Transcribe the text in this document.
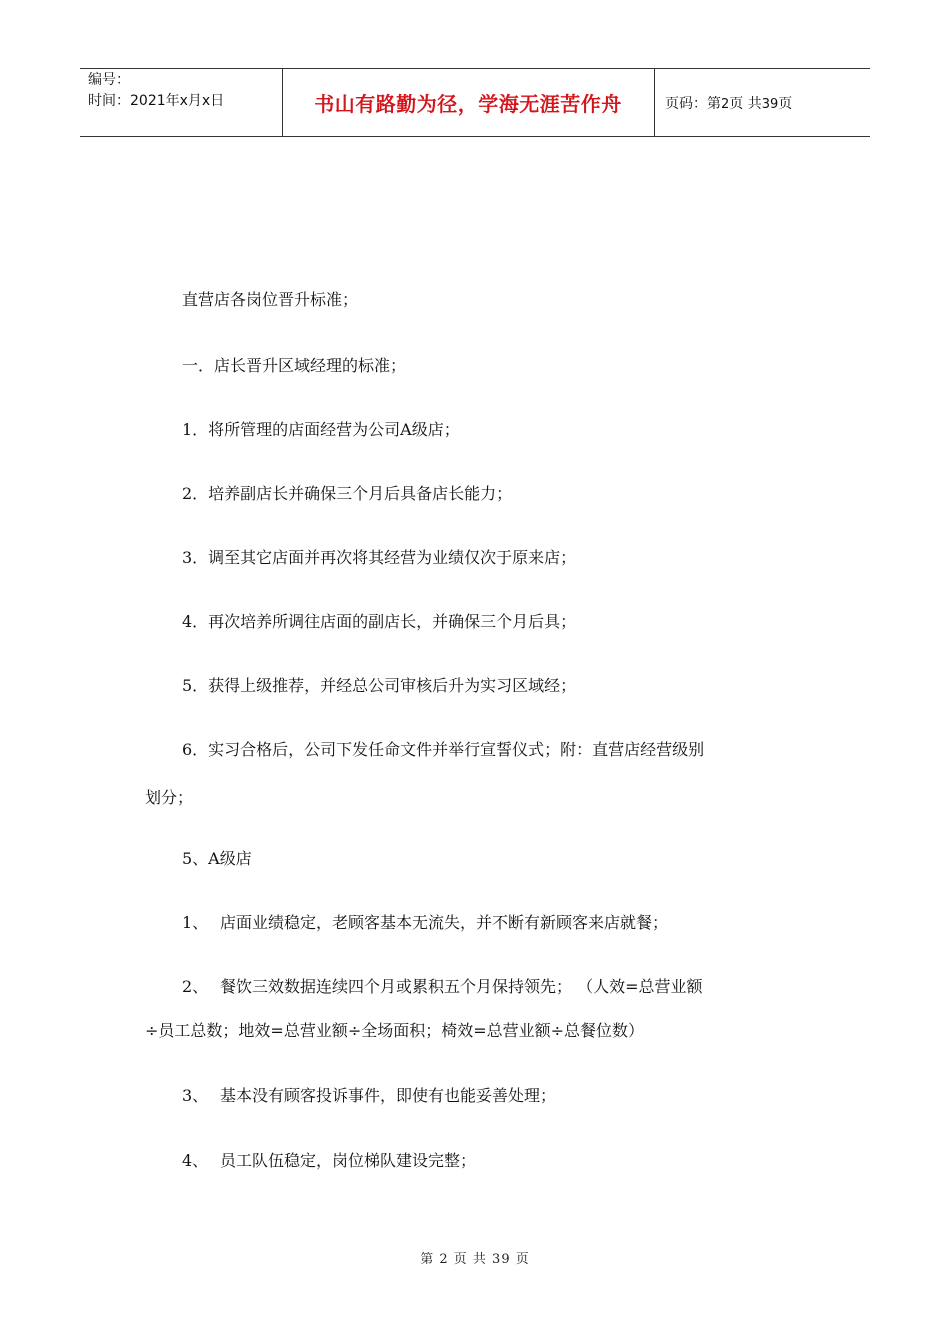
编号：
时间：2021年x月x日	书山有路勤为径，学海无涯苦作舟	页码：第2页 共39页
直营店各岗位晋升标准；
一．店长晋升区域经理的标准；
1．将所管理的店面经营为公司A级店；
2．培养副店长并确保三个月后具备店长能力；
3．调至其它店面并再次将其经营为业绩仅次于原来店；
4．再次培养所调往店面的副店长，并确保三个月后具；
5．获得上级推荐，并经总公司审核后升为实习区域经；
6．实习合格后，公司下发任命文件并举行宣誓仪式；附：直营店经营级别
划分；
5、A级店
1、 店面业绩稳定，老顾客基本无流失，并不断有新顾客来店就餐；
2、 餐饮三效数据连续四个月或累积五个月保持领先； （人效=总营业额
÷员工总数；地效=总营业额÷全场面积；椅效=总营业额÷总餐位数）
3、 基本没有顾客投诉事件，即使有也能妥善处理；
4、 员工队伍稳定，岗位梯队建设完整；
第 2 页 共 39 页
